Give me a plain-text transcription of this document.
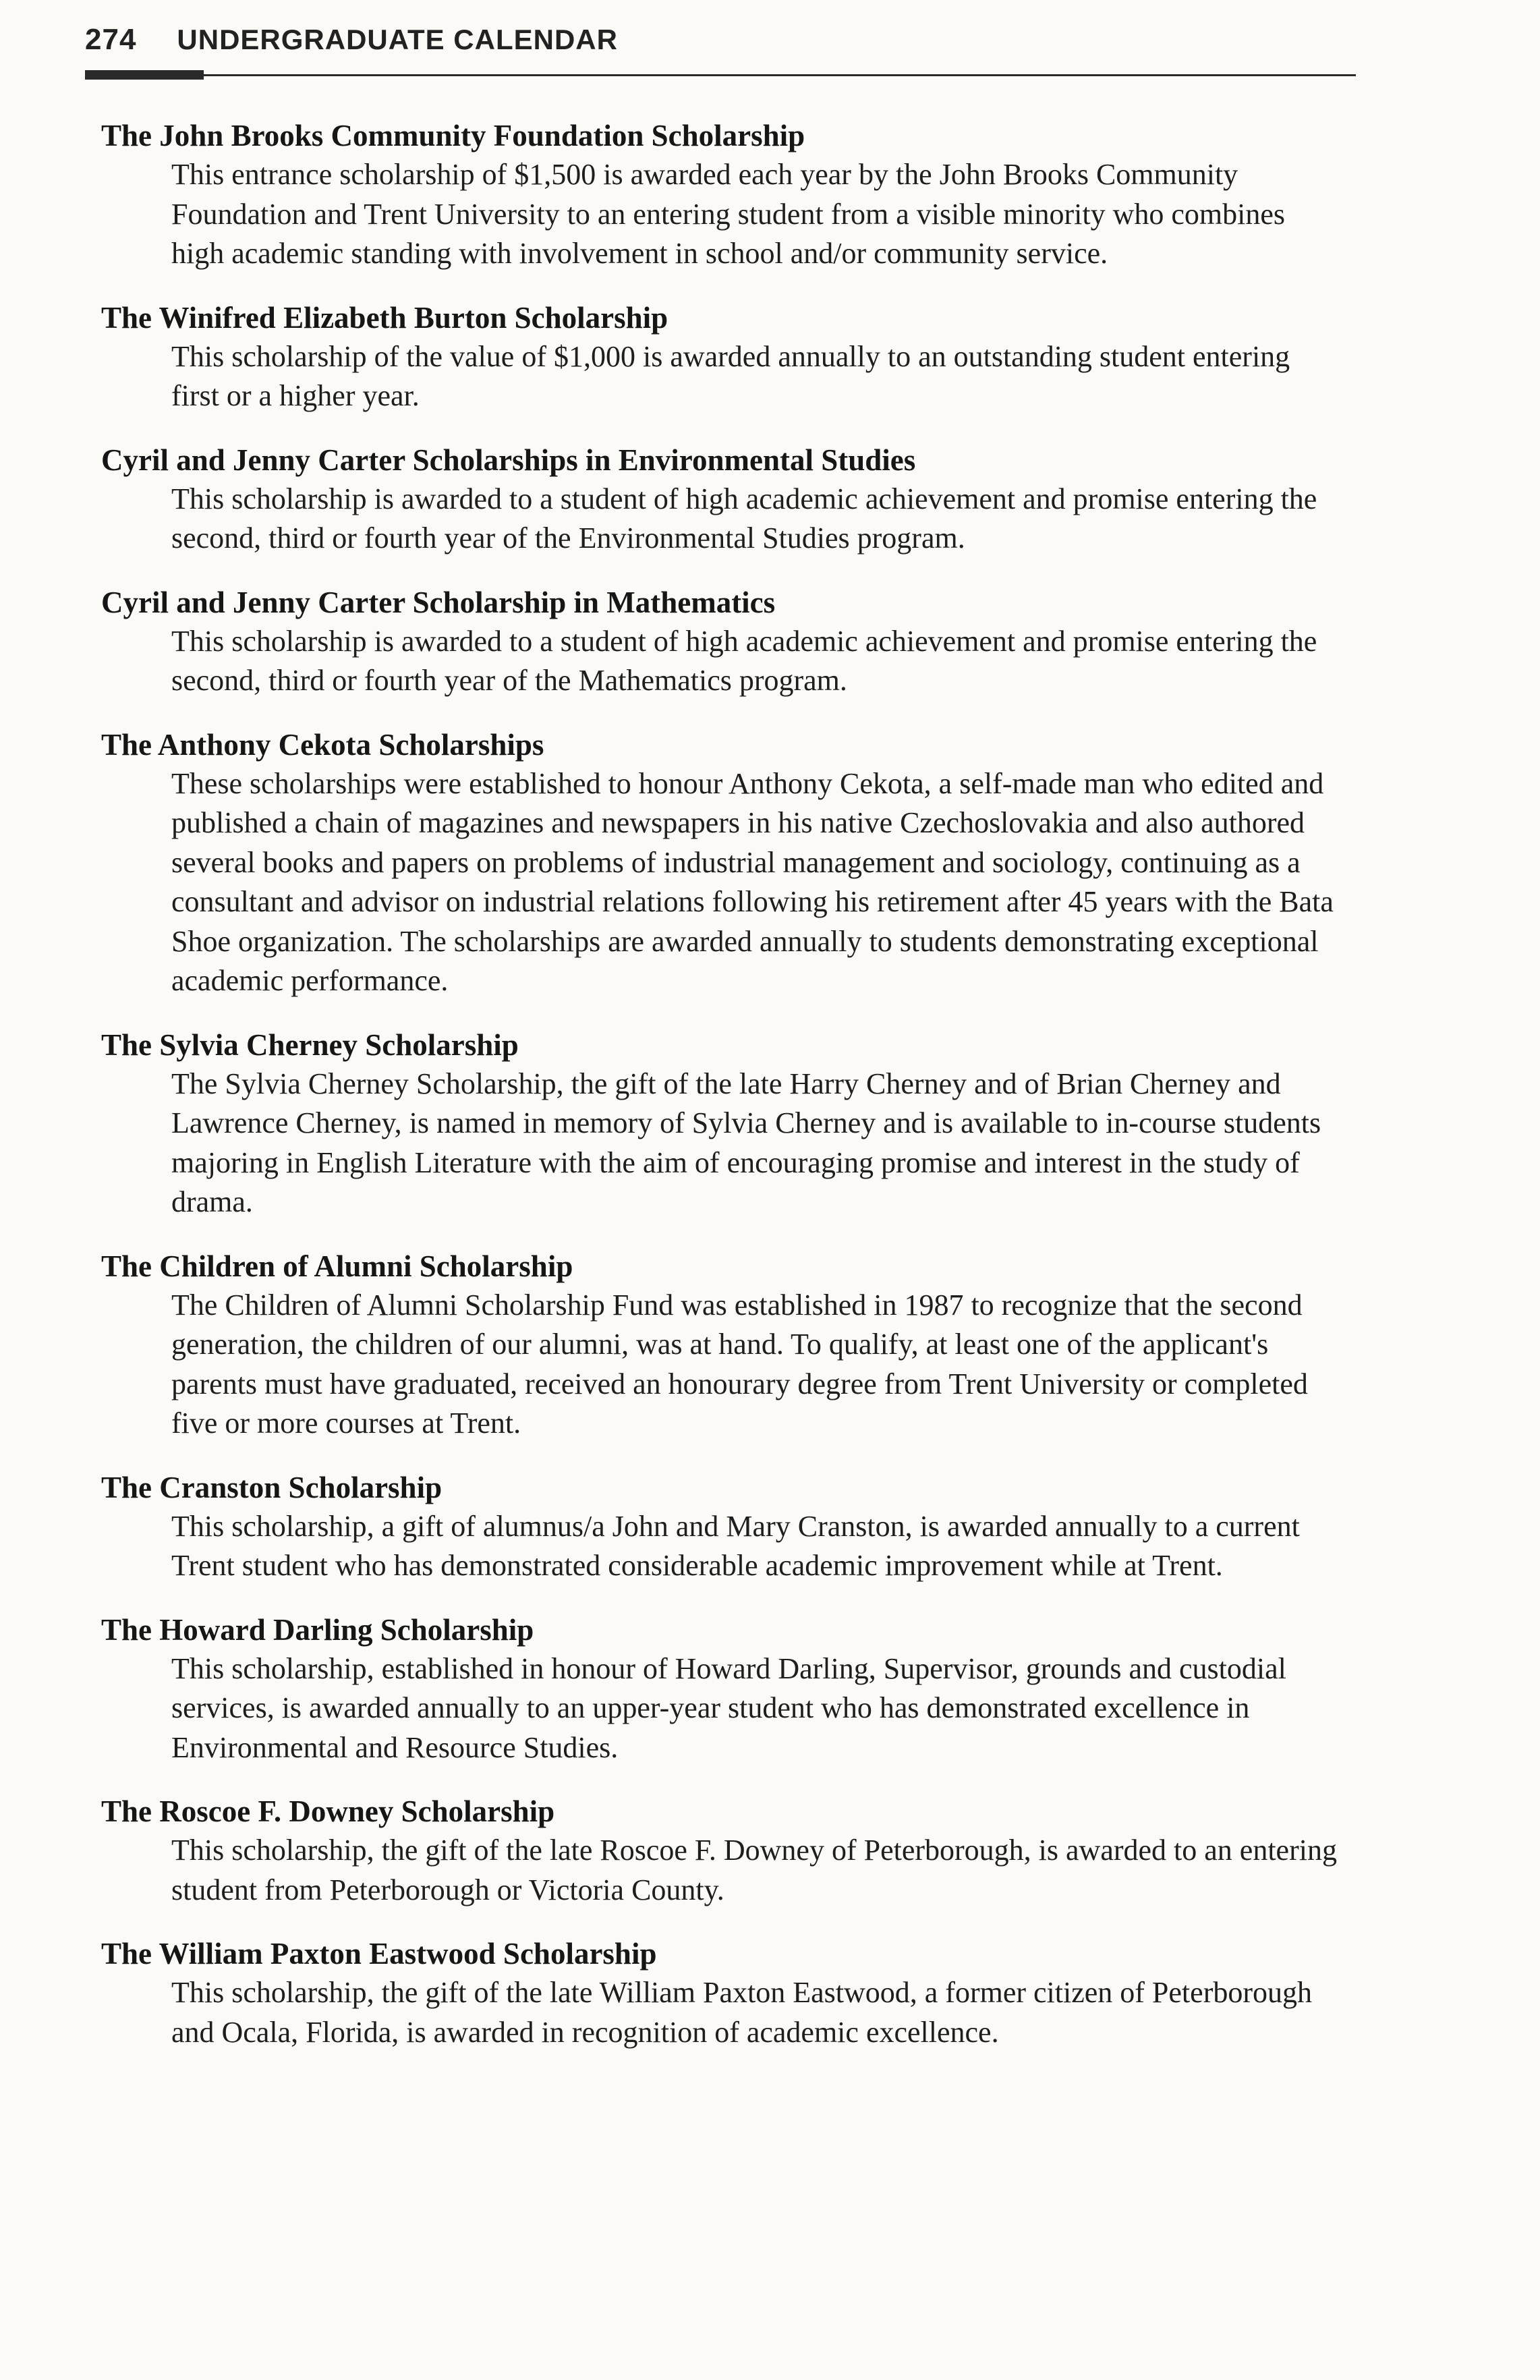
274 UNDERGRADUATE CALENDAR
The John Brooks Community Foundation Scholarship
This entrance scholarship of $1,500 is awarded each year by the John Brooks Community Foundation and Trent University to an entering student from a visible minority who combines high academic standing with involvement in school and/or community service.
The Winifred Elizabeth Burton Scholarship
This scholarship of the value of $1,000 is awarded annually to an outstanding student entering first or a higher year.
Cyril and Jenny Carter Scholarships in Environmental Studies
This scholarship is awarded to a student of high academic achievement and promise entering the second, third or fourth year of the Environmental Studies program.
Cyril and Jenny Carter Scholarship in Mathematics
This scholarship is awarded to a student of high academic achievement and promise entering the second, third or fourth year of the Mathematics program.
The Anthony Cekota Scholarships
These scholarships were established to honour Anthony Cekota, a self-made man who edited and published a chain of magazines and newspapers in his native Czechoslovakia and also authored several books and papers on problems of industrial management and sociology, continuing as a consultant and advisor on industrial relations following his retirement after 45 years with the Bata Shoe organization. The scholarships are awarded annually to students demonstrating exceptional academic performance.
The Sylvia Cherney Scholarship
The Sylvia Cherney Scholarship, the gift of the late Harry Cherney and of Brian Cherney and Lawrence Cherney, is named in memory of Sylvia Cherney and is available to in-course students majoring in English Literature with the aim of encouraging promise and interest in the study of drama.
The Children of Alumni Scholarship
The Children of Alumni Scholarship Fund was established in 1987 to recognize that the second generation, the children of our alumni, was at hand. To qualify, at least one of the applicant's parents must have graduated, received an honourary degree from Trent University or completed five or more courses at Trent.
The Cranston Scholarship
This scholarship, a gift of alumnus/a John and Mary Cranston, is awarded annually to a current Trent student who has demonstrated considerable academic improvement while at Trent.
The Howard Darling Scholarship
This scholarship, established in honour of Howard Darling, Supervisor, grounds and custodial services, is awarded annually to an upper-year student who has demonstrated excellence in Environmental and Resource Studies.
The Roscoe F. Downey Scholarship
This scholarship, the gift of the late Roscoe F. Downey of Peterborough, is awarded to an entering student from Peterborough or Victoria County.
The William Paxton Eastwood Scholarship
This scholarship, the gift of the late William Paxton Eastwood, a former citizen of Peterborough and Ocala, Florida, is awarded in recognition of academic excellence.
